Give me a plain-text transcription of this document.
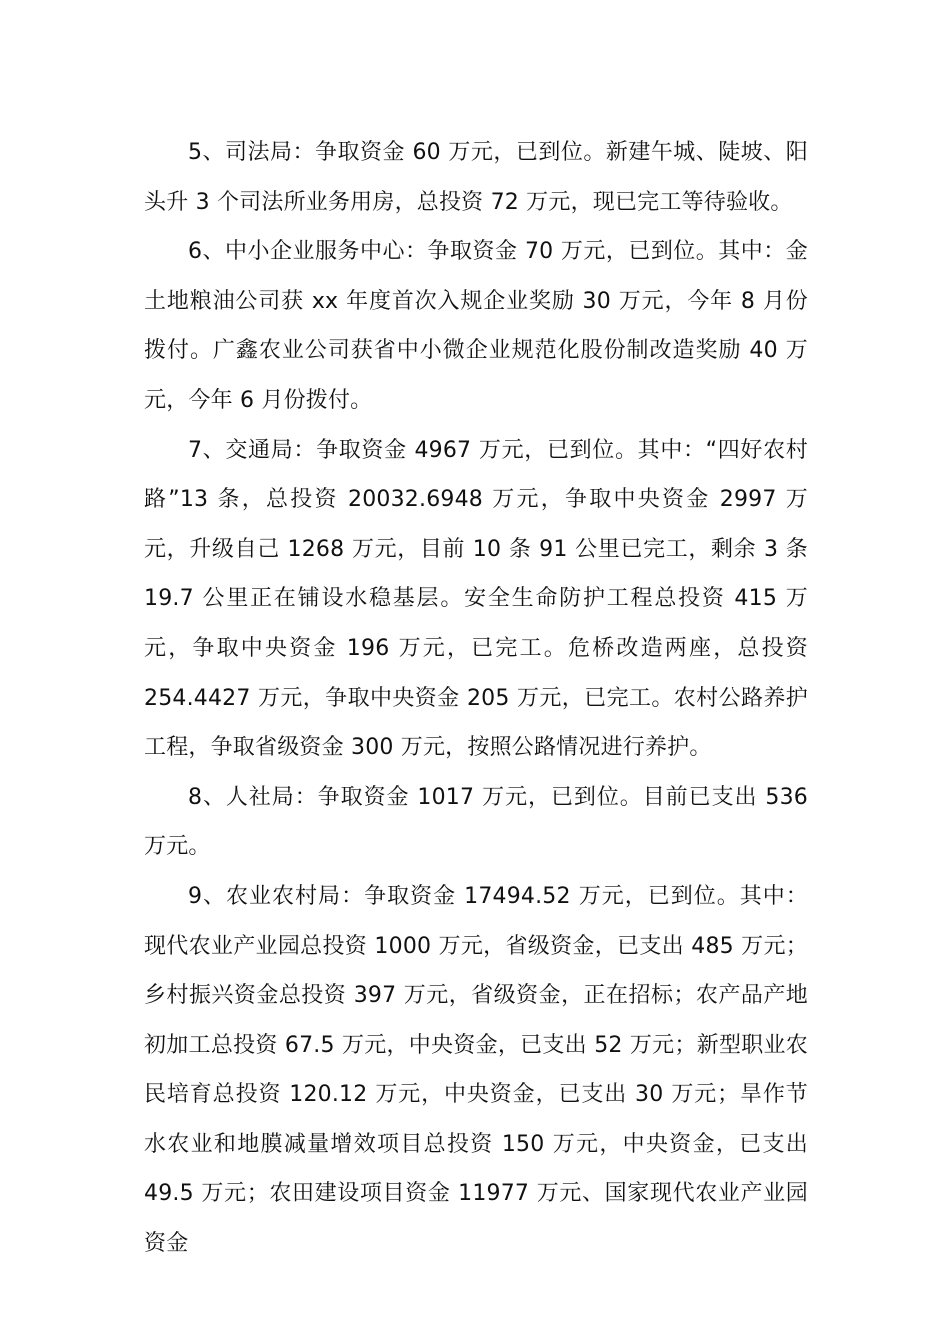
5、司法局：争取资金 60 万元，已到位。新建午城、陡坡、阳头升 3 个司法所业务用房，总投资 72 万元，现已完工等待验收。

6、中小企业服务中心：争取资金 70 万元，已到位。其中：金土地粮油公司获 xx 年度首次入规企业奖励 30 万元，今年 8 月份拨付。广鑫农业公司获省中小微企业规范化股份制改造奖励 40 万元，今年 6 月份拨付。

7、交通局：争取资金 4967 万元，已到位。其中：“四好农村路”13 条，总投资 20032.6948 万元，争取中央资金 2997 万元，升级自己 1268 万元，目前 10 条 91 公里已完工，剩余 3 条 19.7 公里正在铺设水稳基层。安全生命防护工程总投资 415 万元，争取中央资金 196 万元，已完工。危桥改造两座，总投资 254.4427 万元，争取中央资金 205 万元，已完工。农村公路养护工程，争取省级资金 300 万元，按照公路情况进行养护。

8、人社局：争取资金 1017 万元，已到位。目前已支出 536 万元。

9、农业农村局：争取资金 17494.52 万元，已到位。其中：现代农业产业园总投资 1000 万元，省级资金，已支出 485 万元；乡村振兴资金总投资 397 万元，省级资金，正在招标；农产品产地初加工总投资 67.5 万元，中央资金，已支出 52 万元；新型职业农民培育总投资 120.12 万元，中央资金，已支出 30 万元；旱作节水农业和地膜减量增效项目总投资 150 万元，中央资金，已支出 49.5 万元；农田建设项目资金 11977 万元、国家现代农业产业园资金
